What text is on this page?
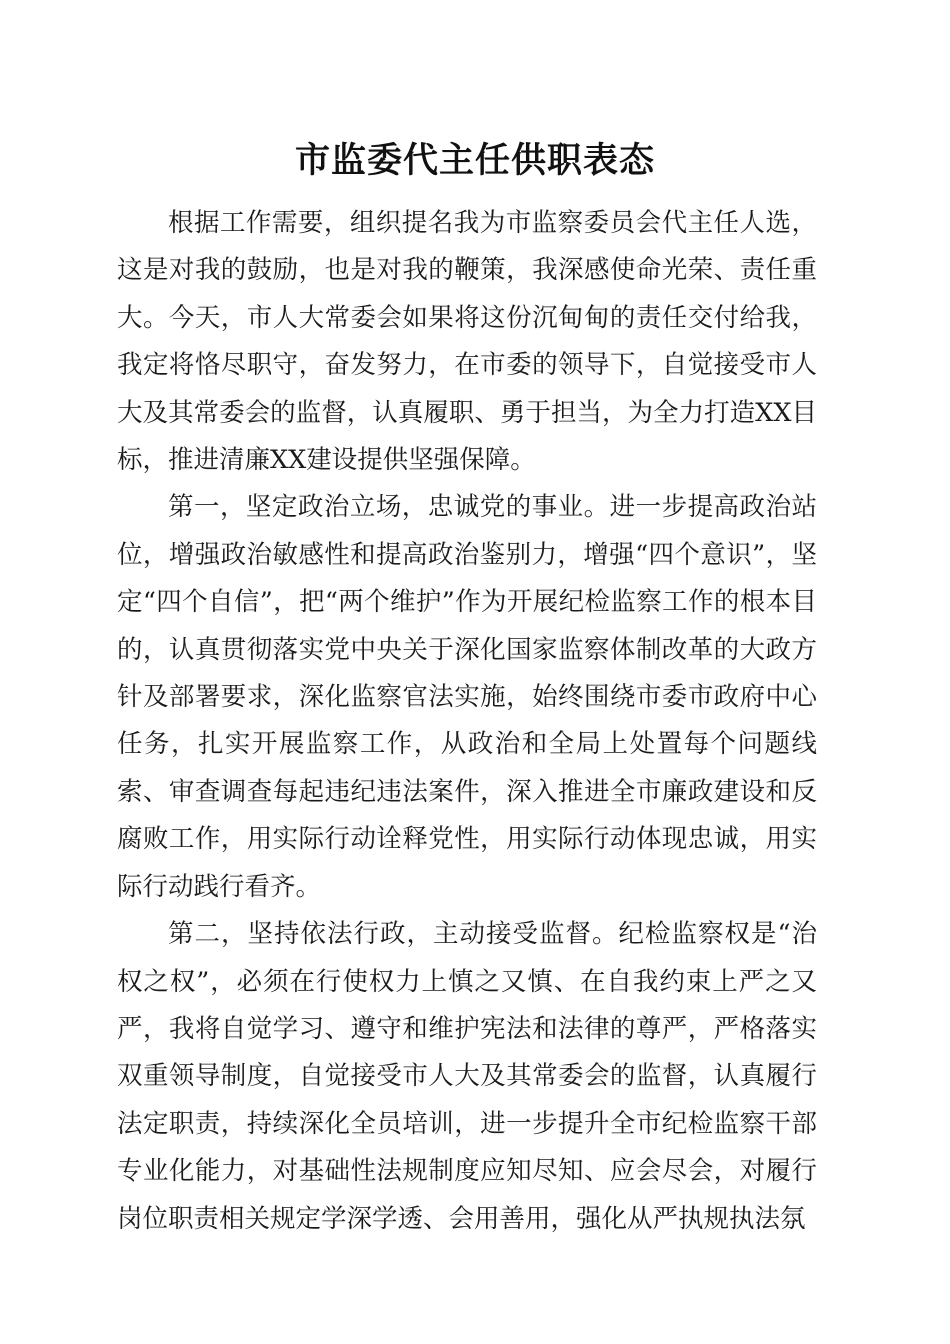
市监委代主任供职表态

根据工作需要，组织提名我为市监察委员会代主任人选，这是对我的鼓励，也是对我的鞭策，我深感使命光荣、责任重大。今天，市人大常委会如果将这份沉甸甸的责任交付给我，我定将恪尽职守，奋发努力，在市委的领导下，自觉接受市人大及其常委会的监督，认真履职、勇于担当，为全力打造XX目标，推进清廉XX建设提供坚强保障。

第一，坚定政治立场，忠诚党的事业。进一步提高政治站位，增强政治敏感性和提高政治鉴别力，增强“四个意识”，坚定“四个自信”，把“两个维护”作为开展纪检监察工作的根本目的，认真贯彻落实党中央关于深化国家监察体制改革的大政方针及部署要求，深化监察官法实施，始终围绕市委市政府中心任务，扎实开展监察工作，从政治和全局上处置每个问题线索、审查调查每起违纪违法案件，深入推进全市廉政建设和反腐败工作，用实际行动诠释党性，用实际行动体现忠诚，用实际行动践行看齐。

第二，坚持依法行政，主动接受监督。纪检监察权是“治权之权”，必须在行使权力上慎之又慎、在自我约束上严之又严，我将自觉学习、遵守和维护宪法和法律的尊严，严格落实双重领导制度，自觉接受市人大及其常委会的监督，认真履行法定职责，持续深化全员培训，进一步提升全市纪检监察干部专业化能力，对基础性法规制度应知尽知、应会尽会，对履行岗位职责相关规定学深学透、会用善用，强化从严执规执法氛
